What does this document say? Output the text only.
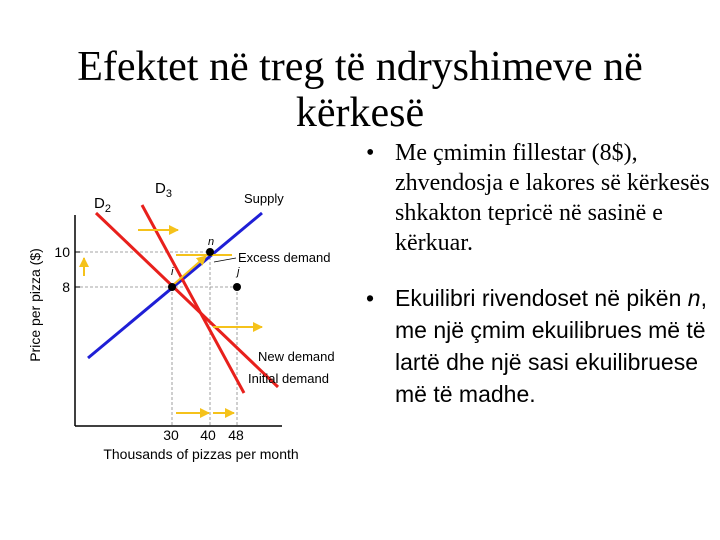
Efektet në treg të ndryshimeve në
kërkesë
Price per pizza ($)
Thousands of pizzas per month
10
8
30 40 48
$D_2$
$D_3$	Supply
n
i	j
Excess demand
New demand
Initial demand
• Me çmimin fillestar (8$), zhvendosja e lakores së kërkesës shkakton tepricë në sasinë e kërkuar.
• Ekuilibri rivendoset në pikën n, me një çmim ekuilibrues më të lartë dhe një sasi ekuilibruese më të madhe.
